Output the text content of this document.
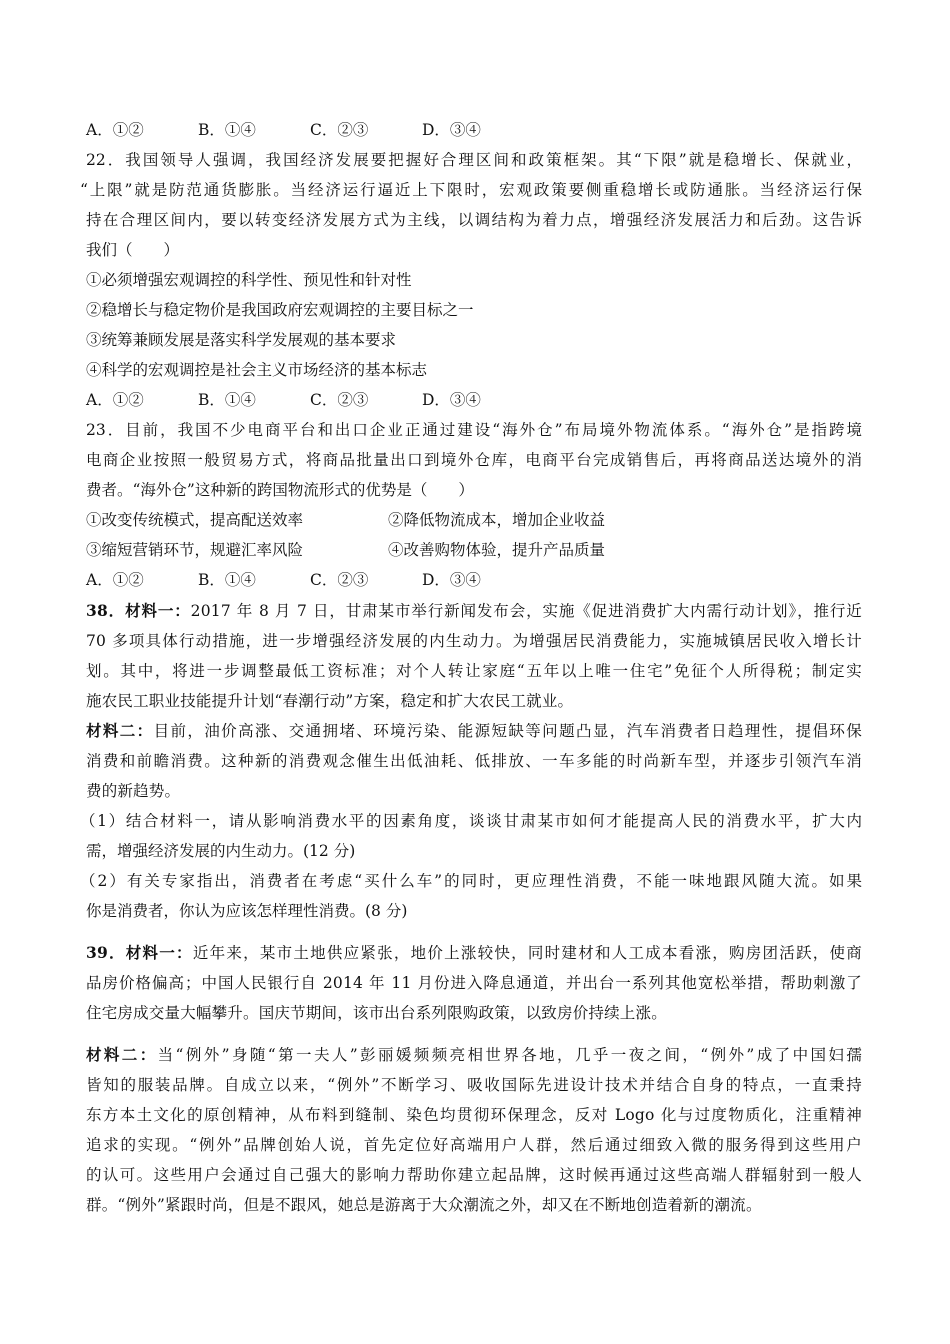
A．①②	B．①④	C．②③	D．③④
22．我国领导人强调，我国经济发展要把握好合理区间和政策框架。其“下限”就是稳增长、保就业，
“上限”就是防范通货膨胀。当经济运行逼近上下限时，宏观政策要侧重稳增长或防通胀。当经济运行保
持在合理区间内，要以转变经济发展方式为主线，以调结构为着力点，增强经济发展活力和后劲。这告诉
我们（　　）
①必须增强宏观调控的科学性、预见性和针对性
②稳增长与稳定物价是我国政府宏观调控的主要目标之一
③统筹兼顾发展是落实科学发展观的基本要求
④科学的宏观调控是社会主义市场经济的基本标志
A．①②	B．①④	C．②③	D．③④
23．目前，我国不少电商平台和出口企业正通过建设“海外仓”布局境外物流体系。“海外仓”是指跨境
电商企业按照一般贸易方式，将商品批量出口到境外仓库，电商平台完成销售后，再将商品送达境外的消
费者。“海外仓”这种新的跨国物流形式的优势是（　　）
①改变传统模式，提高配送效率	②降低物流成本，增加企业收益
③缩短营销环节，规避汇率风险	④改善购物体验，提升产品质量
A．①②	B．①④	C．②③	D．③④
38．材料一：2017 年 8 月 7 日，甘肃某市举行新闻发布会，实施《促进消费扩大内需行动计划》，推行近
70 多项具体行动措施，进一步增强经济发展的内生动力。为增强居民消费能力，实施城镇居民收入增长计
划。其中，将进一步调整最低工资标准；对个人转让家庭“五年以上唯一住宅”免征个人所得税；制定实
施农民工职业技能提升计划“春潮行动”方案，稳定和扩大农民工就业。
材料二：目前，油价高涨、交通拥堵、环境污染、能源短缺等问题凸显，汽车消费者日趋理性，提倡环保
消费和前瞻消费。这种新的消费观念催生出低油耗、低排放、一车多能的时尚新车型，并逐步引领汽车消
费的新趋势。
（1）结合材料一，请从影响消费水平的因素角度，谈谈甘肃某市如何才能提高人民的消费水平，扩大内
需，增强经济发展的内生动力。(12 分)
（2）有关专家指出，消费者在考虑“买什么车”的同时，更应理性消费，不能一味地跟风随大流。如果
你是消费者，你认为应该怎样理性消费。(8 分)
39．材料一：近年来，某市土地供应紧张，地价上涨较快，同时建材和人工成本看涨，购房团活跃，使商
品房价格偏高；中国人民银行自 2014 年 11 月份进入降息通道，并出台一系列其他宽松举措，帮助刺激了
住宅房成交量大幅攀升。国庆节期间，该市出台系列限购政策，以致房价持续上涨。
材料二：当“例外”身随“第一夫人”彭丽媛频频亮相世界各地，几乎一夜之间，“例外”成了中国妇孺
皆知的服装品牌。自成立以来，“例外”不断学习、吸收国际先进设计技术并结合自身的特点，一直秉持
东方本土文化的原创精神，从布料到缝制、染色均贯彻环保理念，反对 Logo 化与过度物质化，注重精神
追求的实现。“例外”品牌创始人说，首先定位好高端用户人群，然后通过细致入微的服务得到这些用户
的认可。这些用户会通过自己强大的影响力帮助你建立起品牌，这时候再通过这些高端人群辐射到一般人
群。“例外”紧跟时尚，但是不跟风，她总是游离于大众潮流之外，却又在不断地创造着新的潮流。
